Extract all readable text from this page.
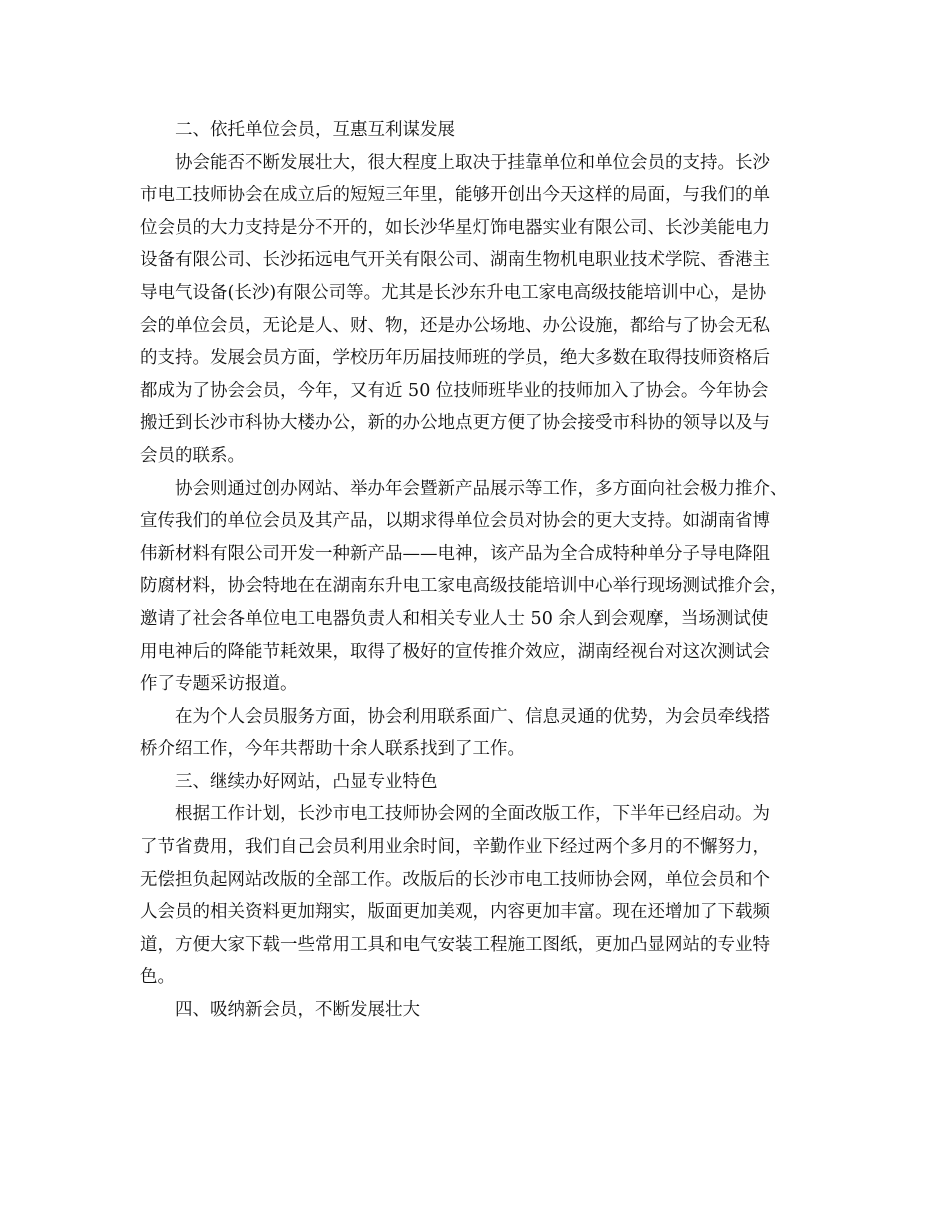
二、依托单位会员，互惠互利谋发展
协会能否不断发展壮大，很大程度上取决于挂靠单位和单位会员的支持。长沙
市电工技师协会在成立后的短短三年里，能够开创出今天这样的局面，与我们的单
位会员的大力支持是分不开的，如长沙华星灯饰电器实业有限公司、长沙美能电力
设备有限公司、长沙拓远电气开关有限公司、湖南生物机电职业技术学院、香港主
导电气设备(长沙)有限公司等。尤其是长沙东升电工家电高级技能培训中心，是协
会的单位会员，无论是人、财、物，还是办公场地、办公设施，都给与了协会无私
的支持。发展会员方面，学校历年历届技师班的学员，绝大多数在取得技师资格后
都成为了协会会员，今年，又有近 50 位技师班毕业的技师加入了协会。今年协会
搬迁到长沙市科协大楼办公，新的办公地点更方便了协会接受市科协的领导以及与
会员的联系。
协会则通过创办网站、举办年会暨新产品展示等工作，多方面向社会极力推介、
宣传我们的单位会员及其产品，以期求得单位会员对协会的更大支持。如湖南省博
伟新材料有限公司开发一种新产品——电神，该产品为全合成特种单分子导电降阻
防腐材料，协会特地在在湖南东升电工家电高级技能培训中心举行现场测试推介会，
邀请了社会各单位电工电器负责人和相关专业人士 50 余人到会观摩，当场测试使
用电神后的降能节耗效果，取得了极好的宣传推介效应，湖南经视台对这次测试会
作了专题采访报道。
在为个人会员服务方面，协会利用联系面广、信息灵通的优势，为会员牵线搭
桥介绍工作，今年共帮助十余人联系找到了工作。
三、继续办好网站，凸显专业特色
根据工作计划，长沙市电工技师协会网的全面改版工作，下半年已经启动。为
了节省费用，我们自己会员利用业余时间，辛勤作业下经过两个多月的不懈努力，
无偿担负起网站改版的全部工作。改版后的长沙市电工技师协会网，单位会员和个
人会员的相关资料更加翔实，版面更加美观，内容更加丰富。现在还增加了下载频
道，方便大家下载一些常用工具和电气安装工程施工图纸，更加凸显网站的专业特
色。
四、吸纳新会员，不断发展壮大
